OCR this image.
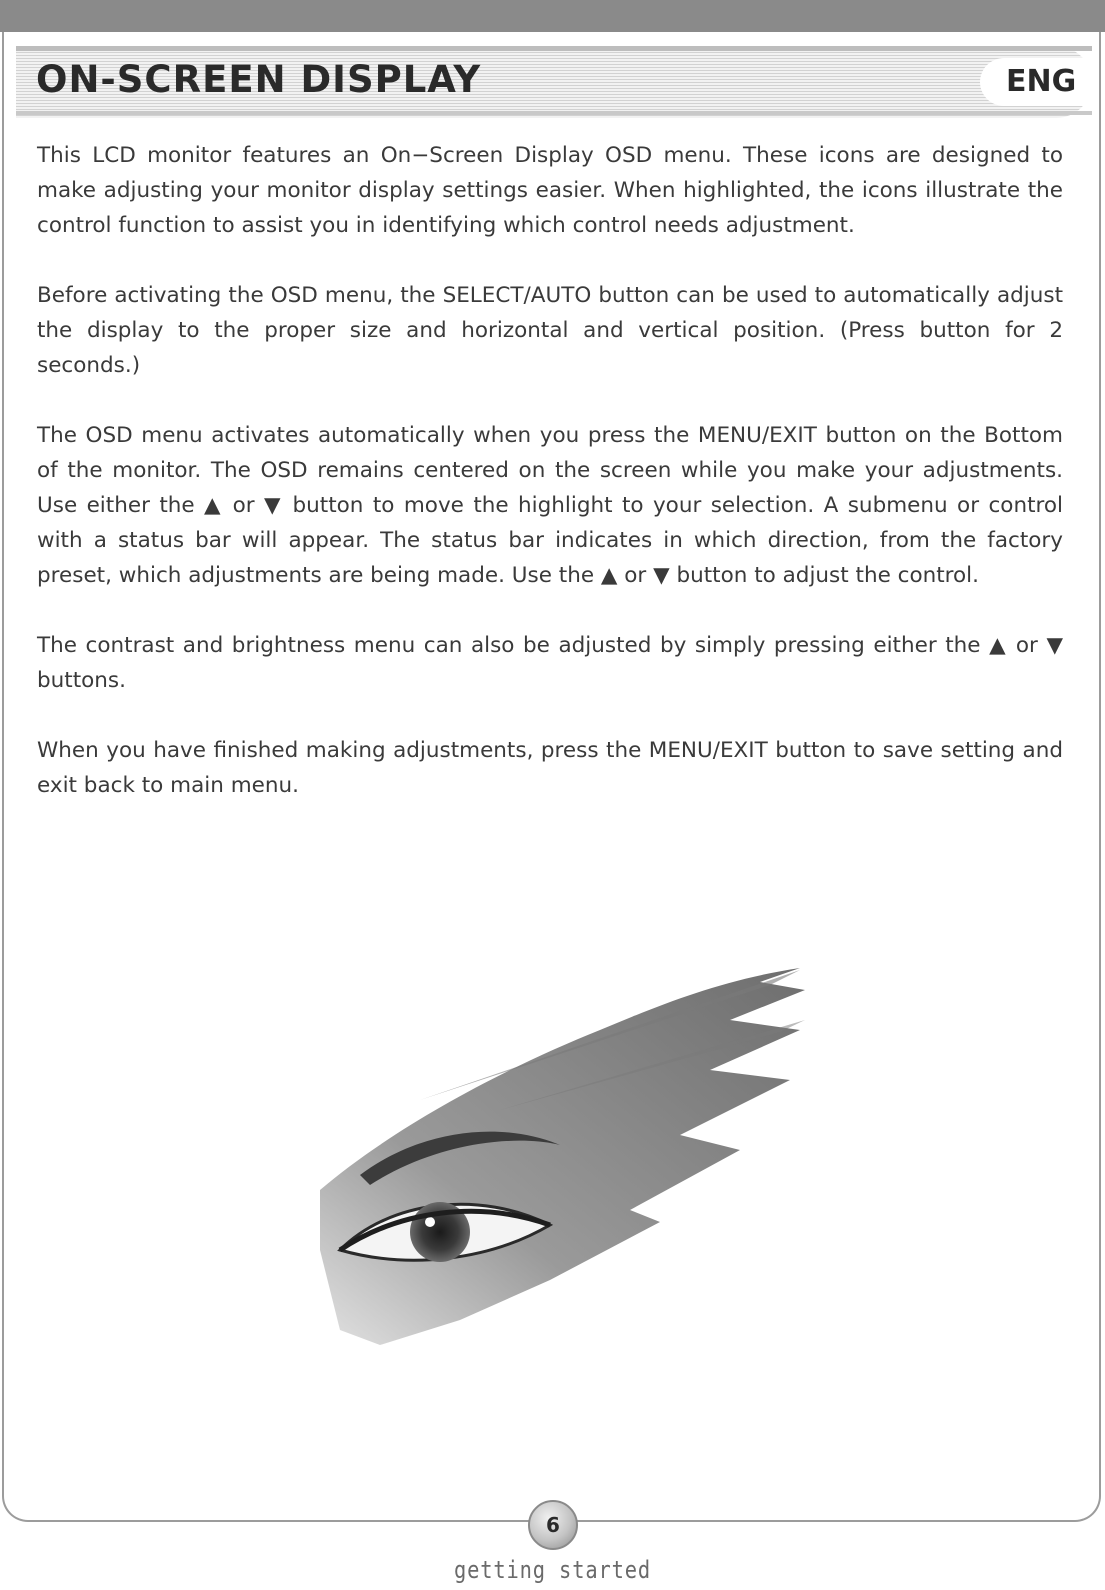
ON-SCREEN DISPLAY	ENG

This LCD monitor features an On−Screen Display OSD menu. These icons are designed to make adjusting your monitor display settings easier. When highlighted, the icons illustrate the control function to assist you in identifying which control needs adjustment.

Before activating the OSD menu, the SELECT/AUTO button can be used to automatically adjust the display to the proper size and horizontal and vertical position. (Press button for 2 seconds.)

The OSD menu activates automatically when you press the MENU/EXIT button on the Bottom of the monitor. The OSD remains centered on the screen while you make your adjustments. Use either the ▲ or ▼ button to move the highlight to your selection. A submenu or control with a status bar will appear. The status bar indicates in which direction, from the factory preset, which adjustments are being made. Use the ▲ or ▼ button to adjust the control.

The contrast and brightness menu can also be adjusted by simply pressing either the ▲ or ▼ buttons.

When you have finished making adjustments, press the MENU/EXIT button to save setting and exit back to main menu.

6
getting started
